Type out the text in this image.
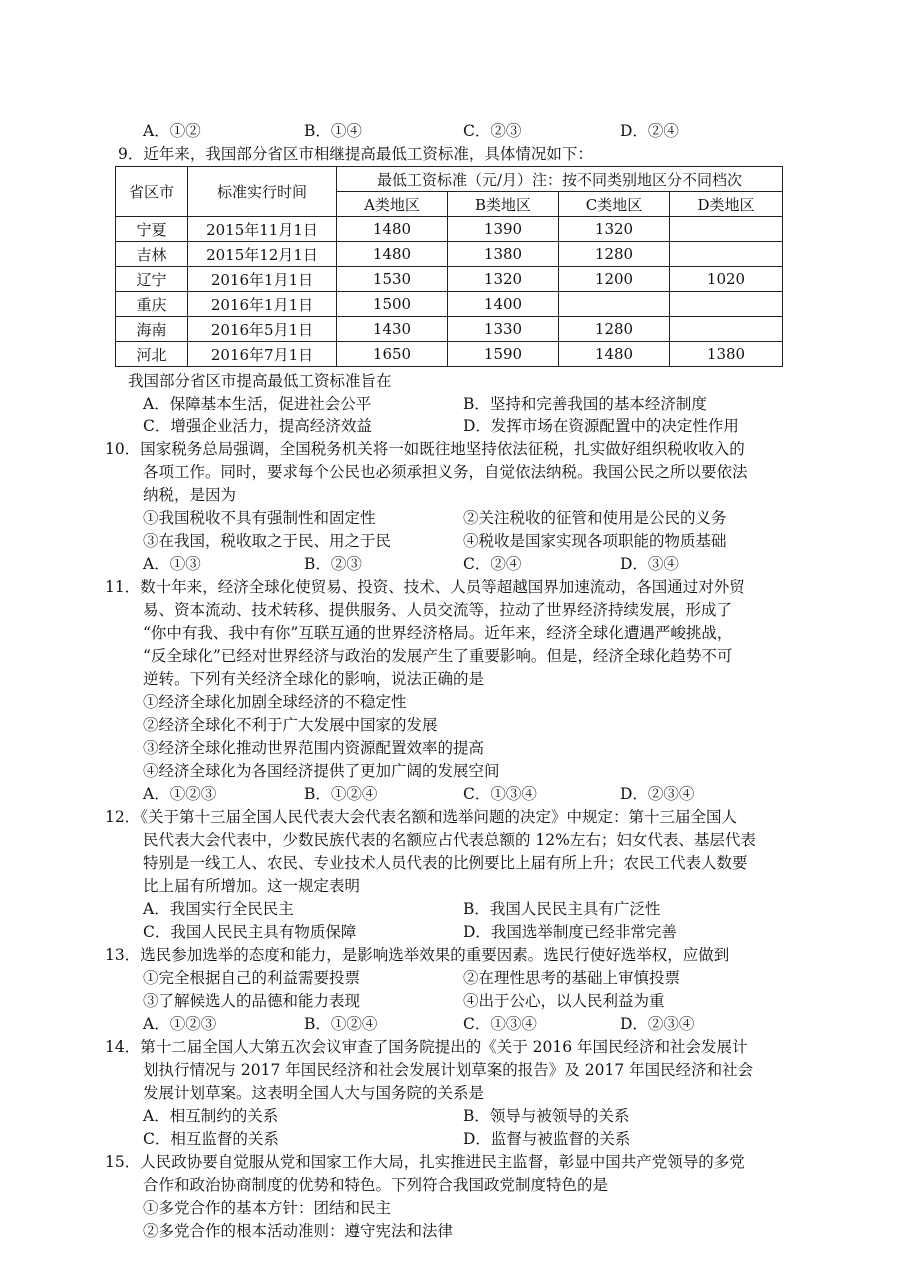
A．①②	B．①④	C．②③	D．②④
9．近年来，我国部分省区市相继提高最低工资标准，具体情况如下：
省区市	标准实行时间	最低工资标准（元/月）注：按不同类别地区分不同档次			
		A类地区	B类地区	C类地区	D类地区
宁夏	2015年11月1日	1480	1390	1320	
吉林	2015年12月1日	1480	1380	1280	
辽宁	2016年1月1日	1530	1320	1200	1020
重庆	2016年1月1日	1500	1400		
海南	2016年5月1日	1430	1330	1280	
河北	2016年7月1日	1650	1590	1480	1380
我国部分省区市提高最低工资标准旨在
A．保障基本生活，促进社会公平	B．坚持和完善我国的基本经济制度
C．增强企业活力，提高经济效益	D．发挥市场在资源配置中的决定性作用
10．国家税务总局强调，全国税务机关将一如既往地坚持依法征税，扎实做好组织税收收入的
各项工作。同时，要求每个公民也必须承担义务，自觉依法纳税。我国公民之所以要依法
纳税，是因为
①我国税收不具有强制性和固定性	②关注税收的征管和使用是公民的义务
③在我国，税收取之于民、用之于民	④税收是国家实现各项职能的物质基础
A．①③	B．②③	C．②④	D．③④
11．数十年来，经济全球化使贸易、投资、技术、人员等超越国界加速流动，各国通过对外贸
易、资本流动、技术转移、提供服务、人员交流等，拉动了世界经济持续发展，形成了
“你中有我、我中有你”互联互通的世界经济格局。近年来，经济全球化遭遇严峻挑战，
“反全球化”已经对世界经济与政治的发展产生了重要影响。但是，经济全球化趋势不可
逆转。下列有关经济全球化的影响，说法正确的是
①经济全球化加剧全球经济的不稳定性
②经济全球化不利于广大发展中国家的发展
③经济全球化推动世界范围内资源配置效率的提高
④经济全球化为各国经济提供了更加广阔的发展空间
A．①②③	B．①②④	C．①③④	D．②③④
12．《关于第十三届全国人民代表大会代表名额和选举问题的决定》中规定：第十三届全国人
民代表大会代表中，少数民族代表的名额应占代表总额的 12%左右；妇女代表、基层代表
特别是一线工人、农民、专业技术人员代表的比例要比上届有所上升；农民工代表人数要
比上届有所增加。这一规定表明
A．我国实行全民民主	B．我国人民民主具有广泛性
C．我国人民民主具有物质保障	D．我国选举制度已经非常完善
13．选民参加选举的态度和能力，是影响选举效果的重要因素。选民行使好选举权，应做到
①完全根据自己的利益需要投票	②在理性思考的基础上审慎投票
③了解候选人的品德和能力表现	④出于公心，以人民利益为重
A．①②③	B．①②④	C．①③④	D．②③④
14．第十二届全国人大第五次会议审查了国务院提出的《关于 2016 年国民经济和社会发展计
划执行情况与 2017 年国民经济和社会发展计划草案的报告》及 2017 年国民经济和社会
发展计划草案。这表明全国人大与国务院的关系是
A．相互制约的关系	B．领导与被领导的关系
C．相互监督的关系	D．监督与被监督的关系
15．人民政协要自觉服从党和国家工作大局，扎实推进民主监督，彰显中国共产党领导的多党
合作和政治协商制度的优势和特色。下列符合我国政党制度特色的是
①多党合作的基本方针：团结和民主
②多党合作的根本活动准则：遵守宪法和法律
